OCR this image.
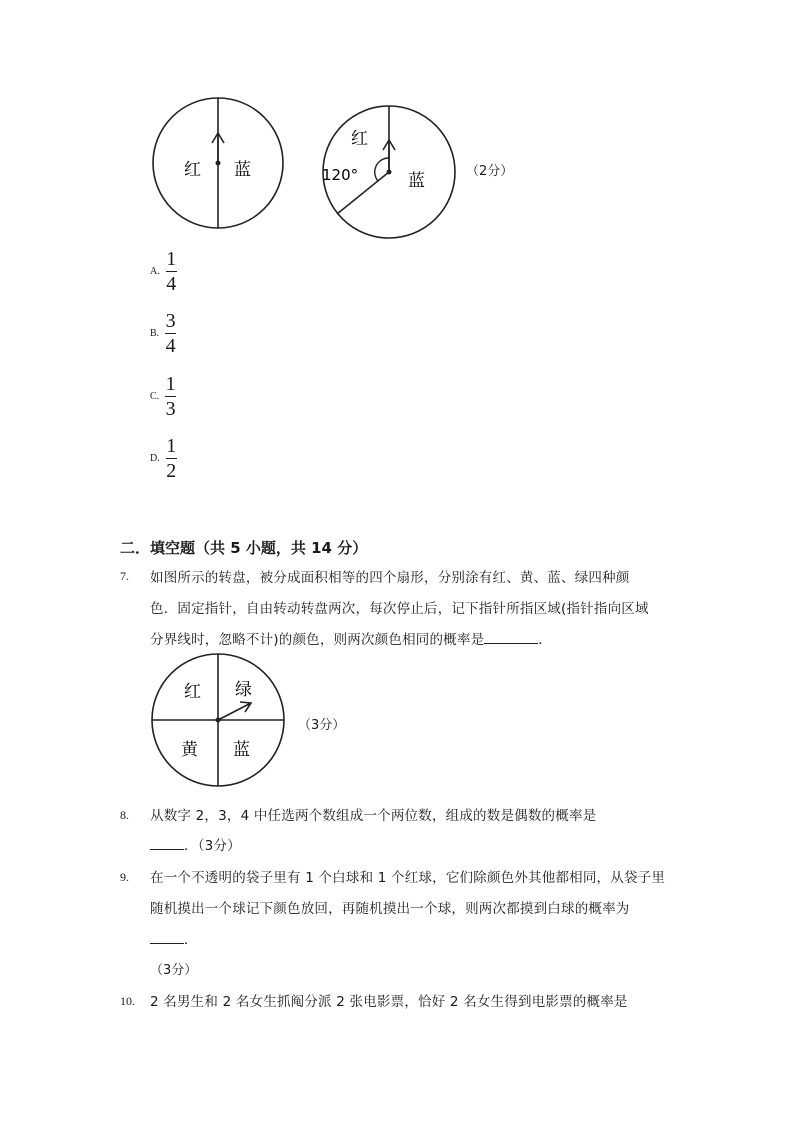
红 蓝
红
120°	蓝	（2分）
A. $\frac{1}{4}$
B. $\frac{3}{4}$
C. $\frac{1}{3}$
D. $\frac{1}{2}$
二．填空题（共 5 小题，共 14 分）
7. 如图所示的转盘，被分成面积相等的四个扇形，分别涂有红、黄、蓝、绿四种颜
色．固定指针，自由转动转盘两次，每次停止后，记下指针所指区域(指针指向区域
分界线时，忽略不计)的颜色，则两次颜色相同的概率是	．
红 绿
黄 蓝
（3分）
8. 从数字 2，3，4 中任选两个数组成一个两位数，组成的数是偶数的概率是
．（3分）
9. 在一个不透明的袋子里有 1 个白球和 1 个红球，它们除颜色外其他都相同，从袋子里
随机摸出一个球记下颜色放回，再随机摸出一个球，则两次都摸到白球的概率为
．
（3分）
10. 2 名男生和 2 名女生抓阄分派 2 张电影票，恰好 2 名女生得到电影票的概率是
